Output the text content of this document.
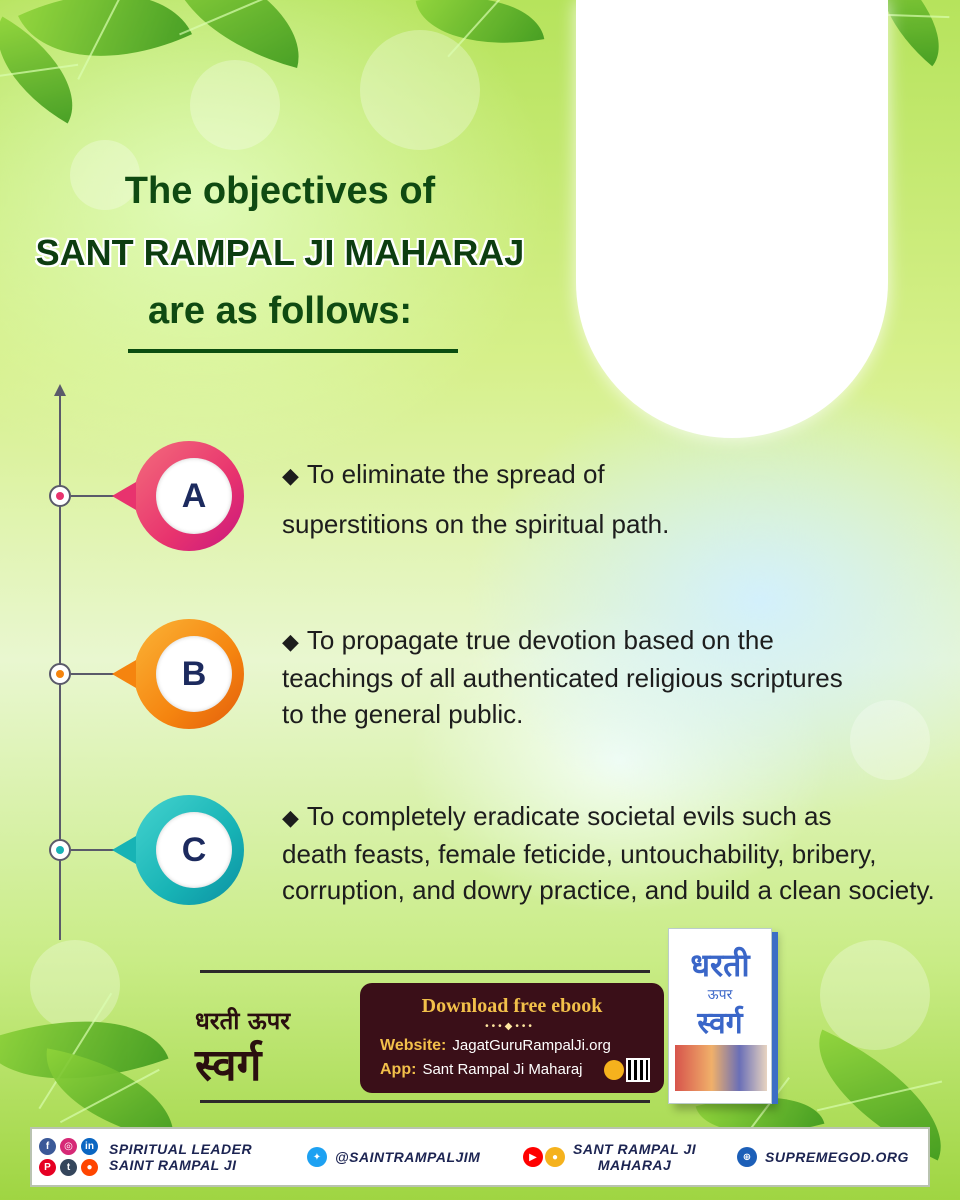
The objectives of
SANT RAMPAL JI MAHARAJ
are as follows:
A
◆ To eliminate the spread of
superstitions on the spiritual path.
B
◆ To propagate true devotion based on the
teachings of all authenticated religious scriptures
to the general public.
C
◆ To completely eradicate societal evils such as
death feasts, female feticide, untouchability, bribery,
corruption, and dowry practice, and build a clean society.
धरती ऊपर
स्वर्ग
Download free ebook
•••◆•••
Website: JagatGuruRampalJi.org
App: Sant Rampal Ji Maharaj
धरती
ऊपर
स्वर्ग
f	◎	in
P	t	●
SPIRITUAL LEADER
SAINT RAMPAL JI	✦ @SAINTRAMPALJIM	▶	●	SANT RAMPAL JI
MAHARAJ	⊕ SUPREMEGOD.ORG
